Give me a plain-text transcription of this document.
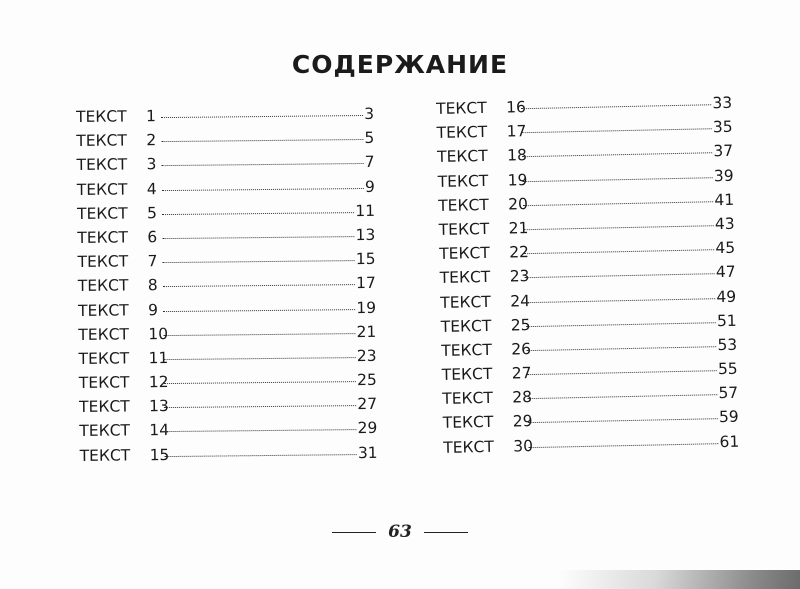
СОДЕРЖАНИЕ
ТЕКСТ	1	3
ТЕКСТ	2	5
ТЕКСТ	3	7
ТЕКСТ	4	9
ТЕКСТ	5	11
ТЕКСТ	6	13
ТЕКСТ	7	15
ТЕКСТ	8	17
ТЕКСТ	9	19
ТЕКСТ	10	21
ТЕКСТ	11	23
ТЕКСТ	12	25
ТЕКСТ	13	27
ТЕКСТ	14	29
ТЕКСТ	15	31
ТЕКСТ	16	33
ТЕКСТ	17	35
ТЕКСТ	18	37
ТЕКСТ	19	39
ТЕКСТ	20	41
ТЕКСТ	21	43
ТЕКСТ	22	45
ТЕКСТ	23	47
ТЕКСТ	24	49
ТЕКСТ	25	51
ТЕКСТ	26	53
ТЕКСТ	27	55
ТЕКСТ	28	57
ТЕКСТ	29	59
ТЕКСТ	30	61
63
